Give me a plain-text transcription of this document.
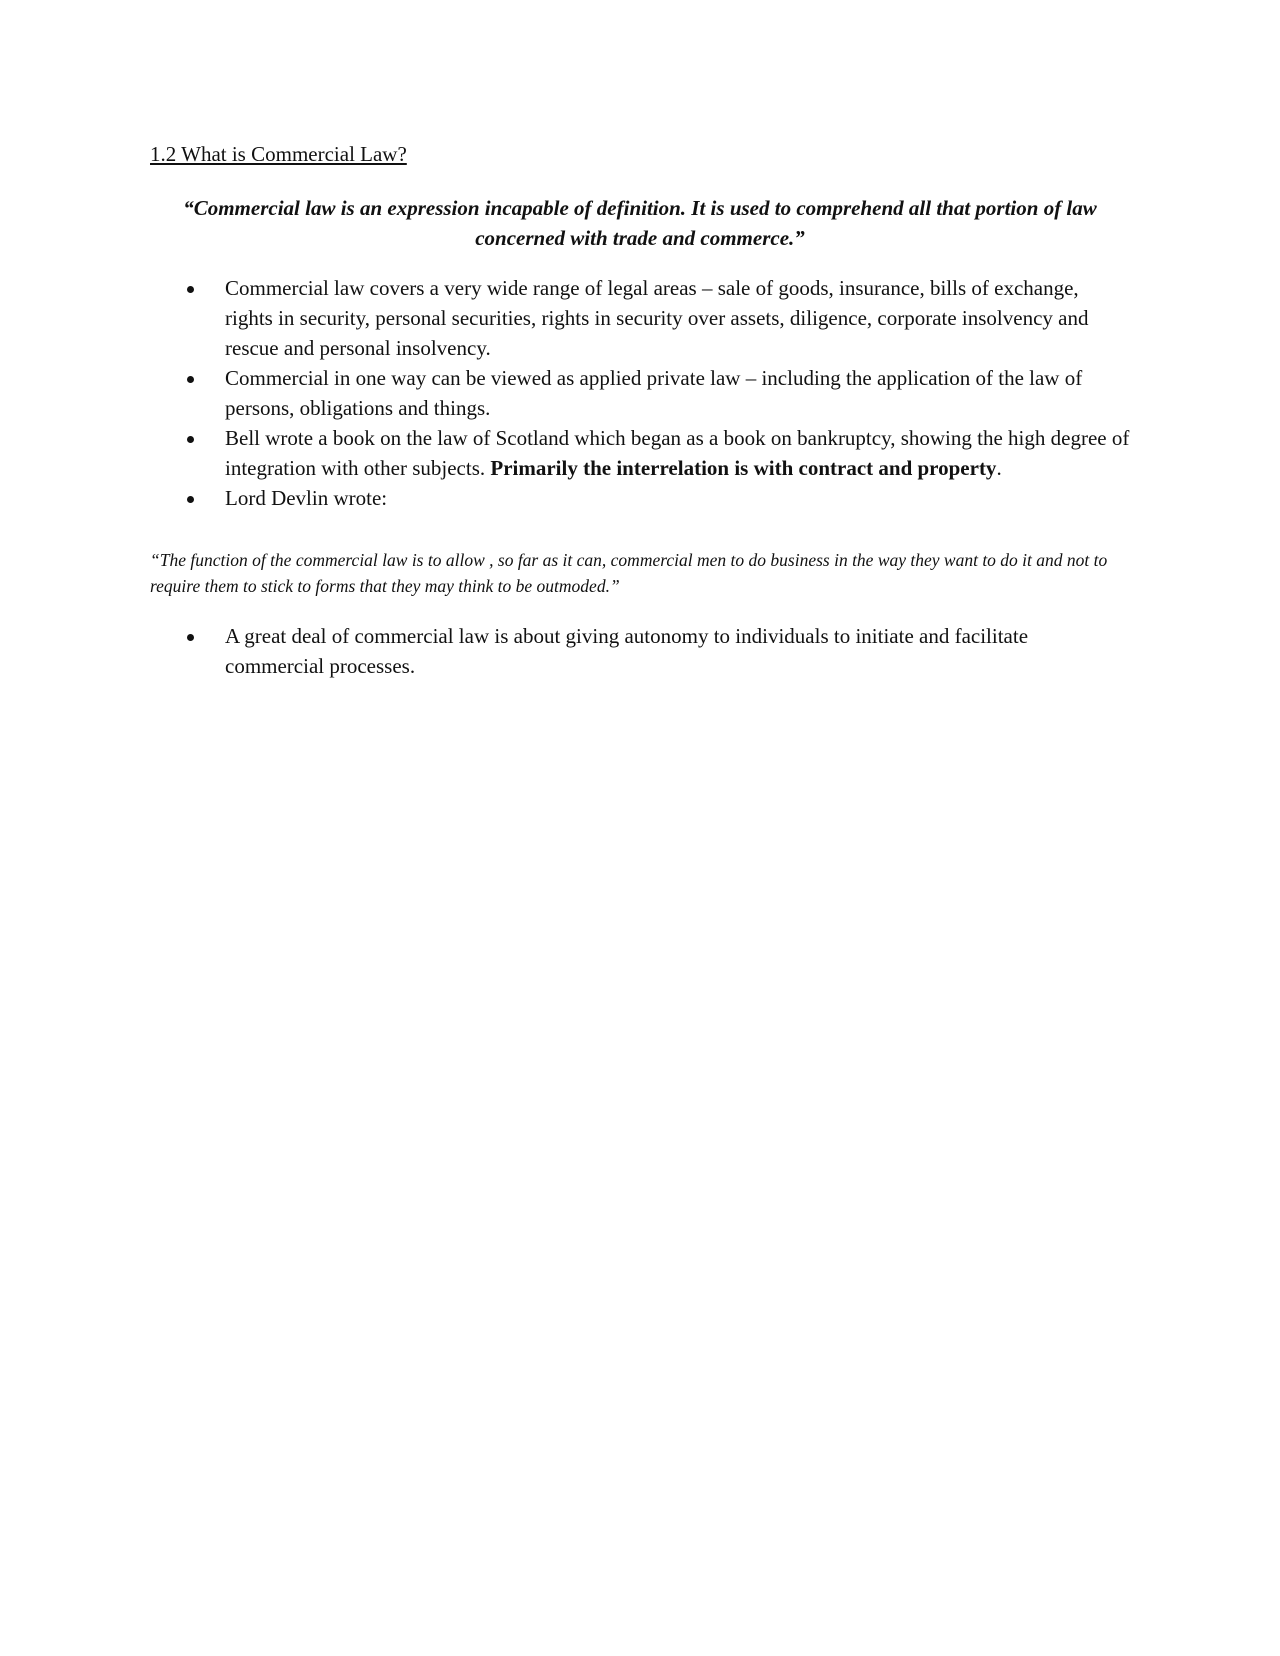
1.2 What is Commercial Law?

“Commercial law is an expression incapable of definition. It is used to comprehend all that portion of law concerned with trade and commerce.”

Commercial law covers a very wide range of legal areas – sale of goods, insurance, bills of exchange, rights in security, personal securities, rights in security over assets, diligence, corporate insolvency and rescue and personal insolvency.
Commercial in one way can be viewed as applied private law – including the application of the law of persons, obligations and things.
Bell wrote a book on the law of Scotland which began as a book on bankruptcy, showing the high degree of integration with other subjects. Primarily the interrelation is with contract and property.
Lord Devlin wrote:

“The function of the commercial law is to allow , so far as it can, commercial men to do business in the way they want to do it and not to require them to stick to forms that they may think to be outmoded.”

A great deal of commercial law is about giving autonomy to individuals to initiate and facilitate commercial processes.
